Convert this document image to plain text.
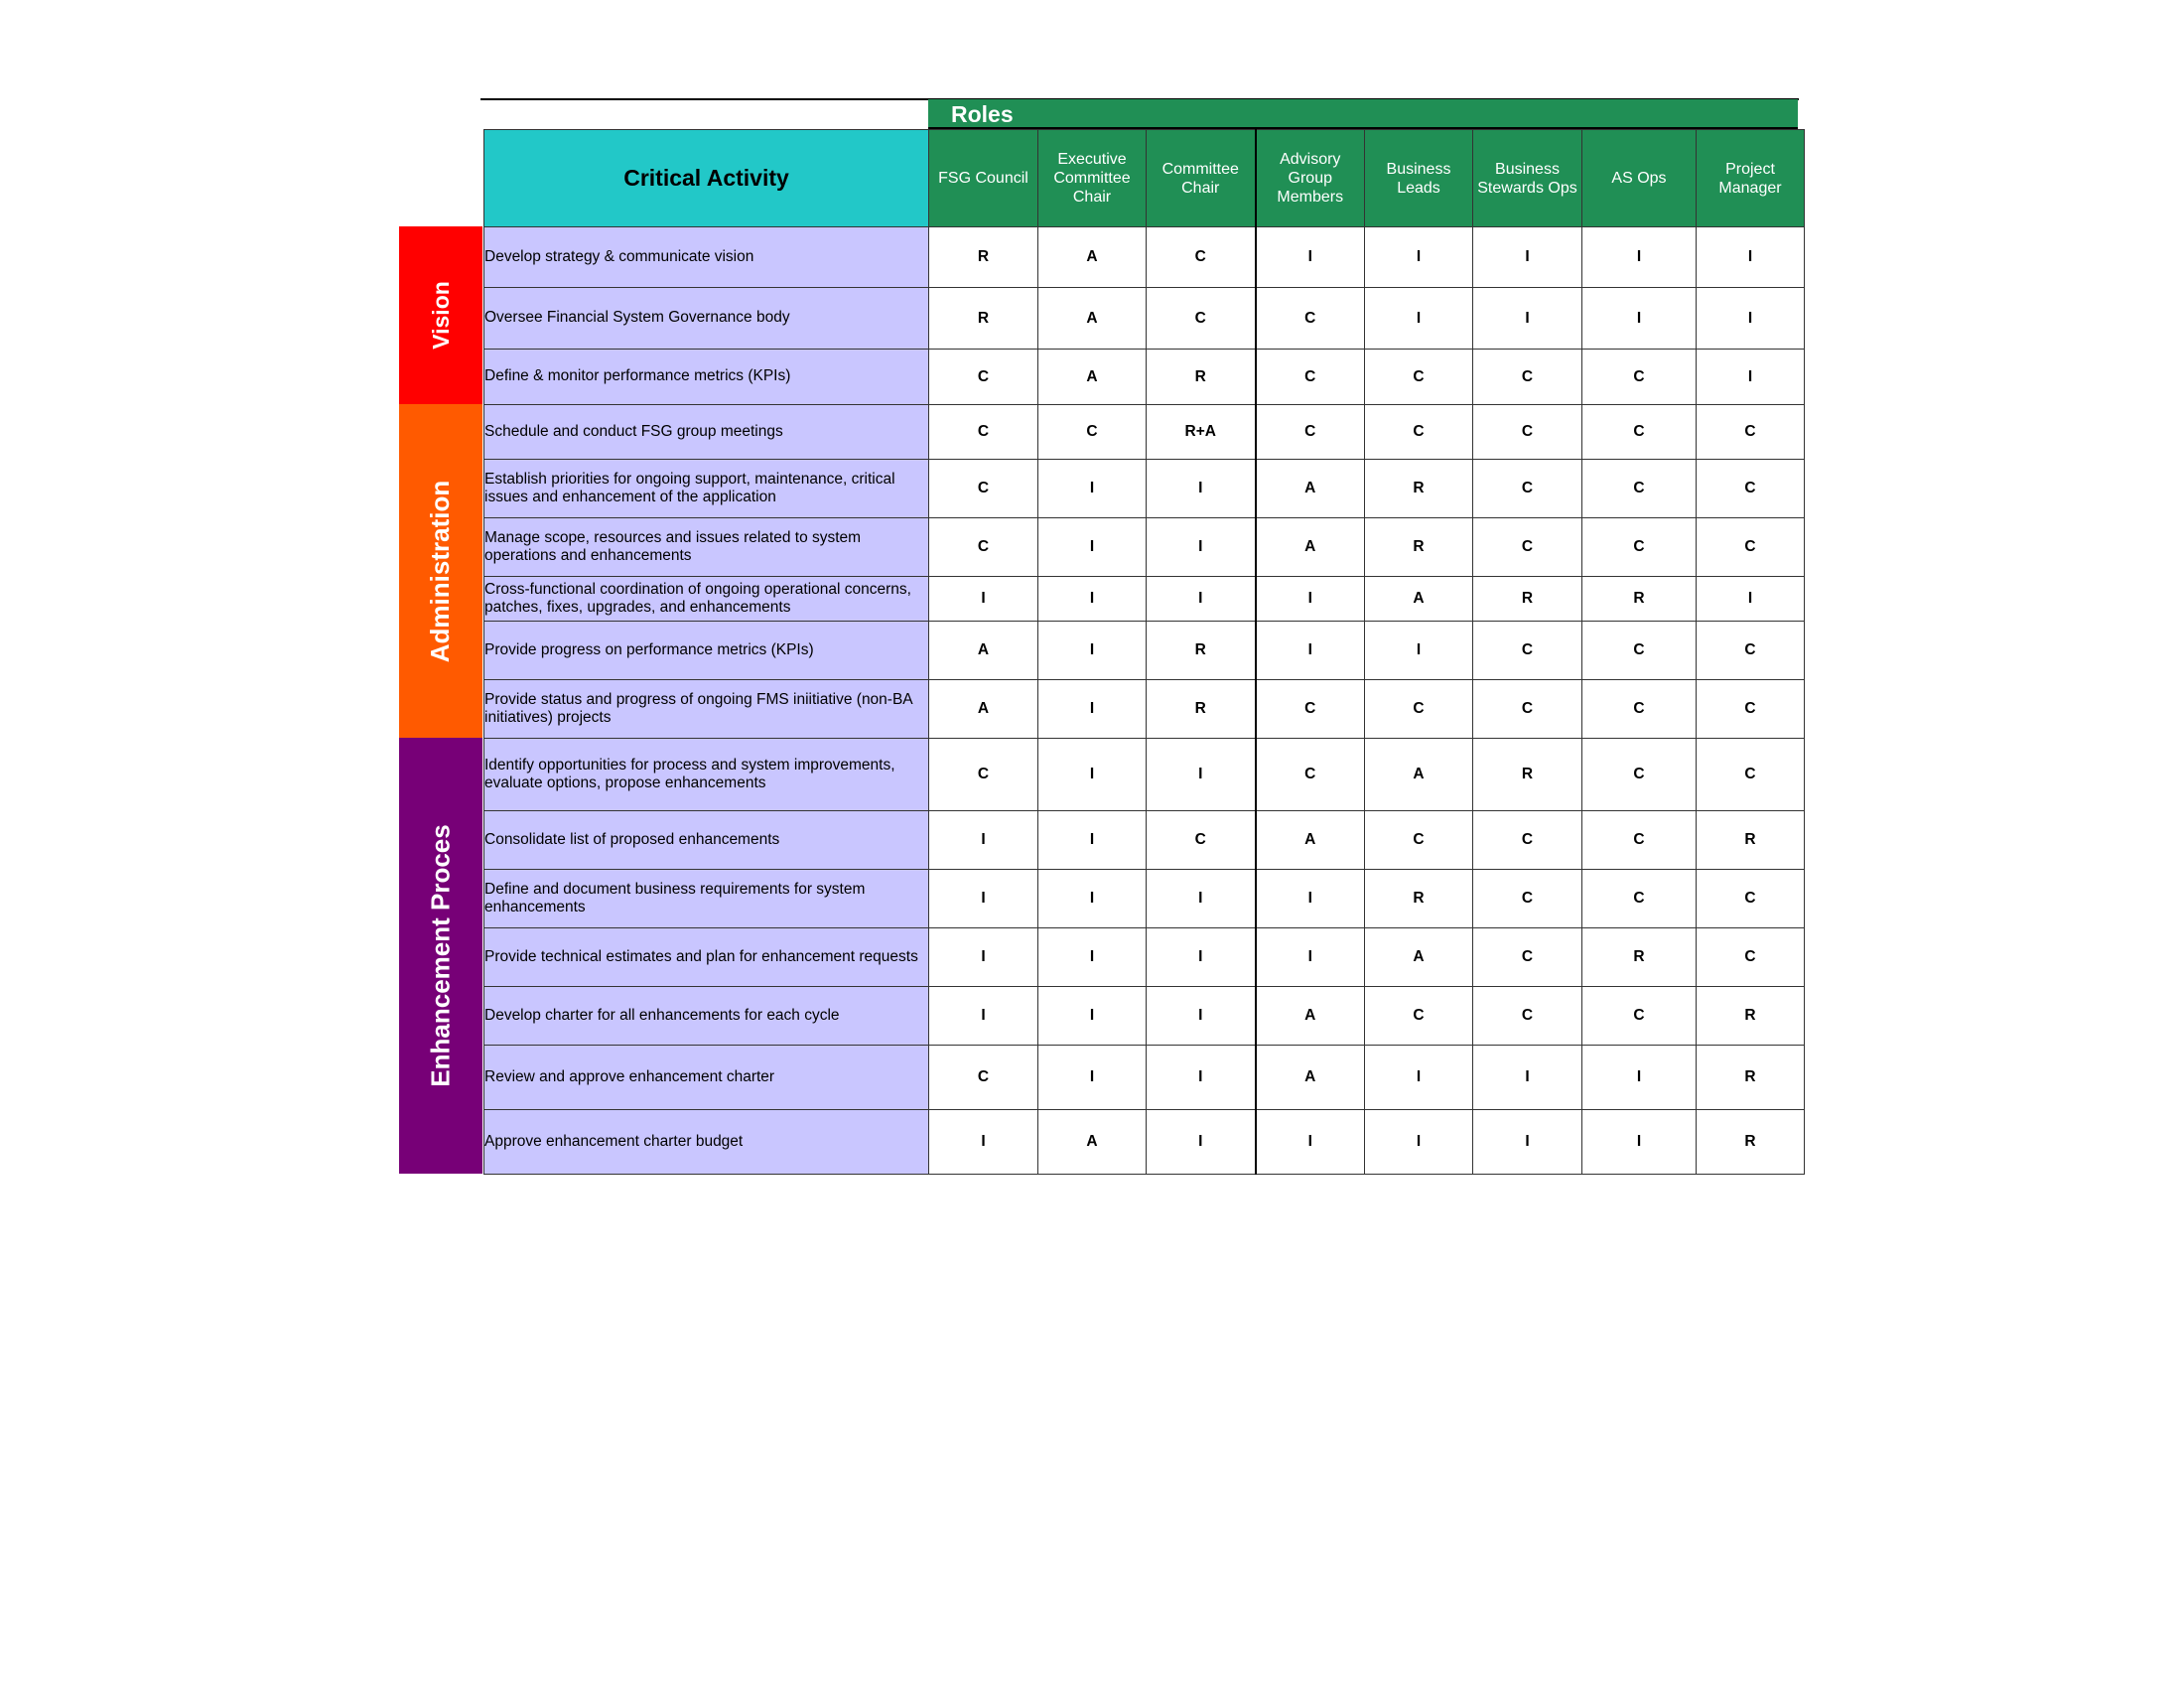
Roles
Critical Activity	FSG Council	Executive Committee Chair	Committee Chair	Advisory Group Members	Business Leads	Business Stewards Ops	AS Ops	Project Manager
Develop strategy & communicate vision	R	A	C	I	I	I	I	I
Oversee Financial System Governance body	R	A	C	C	I	I	I	I
Define & monitor performance metrics (KPIs)	C	A	R	C	C	C	C	I
Schedule and conduct FSG group meetings	C	C	R+A	C	C	C	C	C
Establish priorities for ongoing support, maintenance, critical issues and enhancement of the application	C	I	I	A	R	C	C	C
Manage scope, resources and issues related to system operations and enhancements	C	I	I	A	R	C	C	C
Cross-functional coordination of ongoing operational concerns, patches, fixes, upgrades, and enhancements	I	I	I	I	A	R	R	I
Provide progress on performance metrics (KPIs)	A	I	R	I	I	C	C	C
Provide status and progress of ongoing FMS iniitiative (non-BA initiatives) projects	A	I	R	C	C	C	C	C
Identify opportunities for process and system improvements, evaluate options, propose enhancements	C	I	I	C	A	R	C	C
Consolidate list of proposed enhancements	I	I	C	A	C	C	C	R
Define and document business requirements for system enhancements	I	I	I	I	R	C	C	C
Provide technical estimates and plan for enhancement requests	I	I	I	I	A	C	R	C
Develop charter for all enhancements for each cycle	I	I	I	A	C	C	C	R
Review and approve enhancement charter	C	I	I	A	I	I	I	R
Approve enhancement charter budget	I	A	I	I	I	I	I	R
Vision
Administration
Enhancement Proces
